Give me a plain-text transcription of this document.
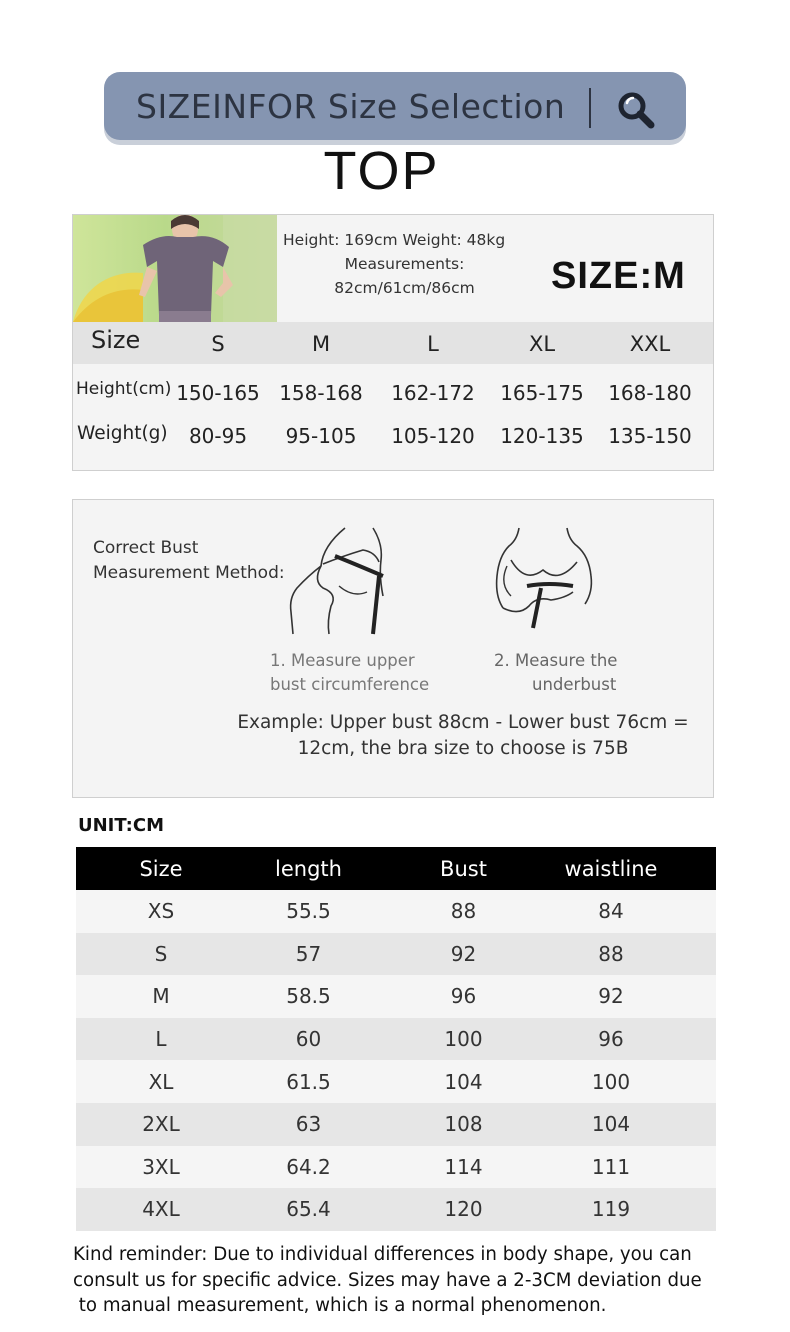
SIZEINFOR Size Selection
TOP
Height: 169cm Weight: 48kg
Measurements:
82cm/61cm/86cm	SIZE:M
Size	S	M	L	XL	XXL
Height(cm) 150-165 158-168 162-172 165-175 168-180
Weight(g)	80-95	95-105	105-120 120-135 135-150
Correct Bust
Measurement Method:
1. Measure upper
bust circumference
2. Measure the
underbust
Example: Upper bust 88cm - Lower bust 76cm =
12cm, the bra size to choose is 75B
UNIT:CM
Size	length	Bust	waistline
XS	55.5	88	84
S	57	92	88
M	58.5	96	92
L	60	100	96
XL	61.5	104	100
2XL	63	108	104
3XL	64.2	114	111
4XL	65.4	120	119
Kind reminder: Due to individual differences in body shape, you can
consult us for specific advice. Sizes may have a 2-3CM deviation due
to manual measurement, which is a normal phenomenon.
